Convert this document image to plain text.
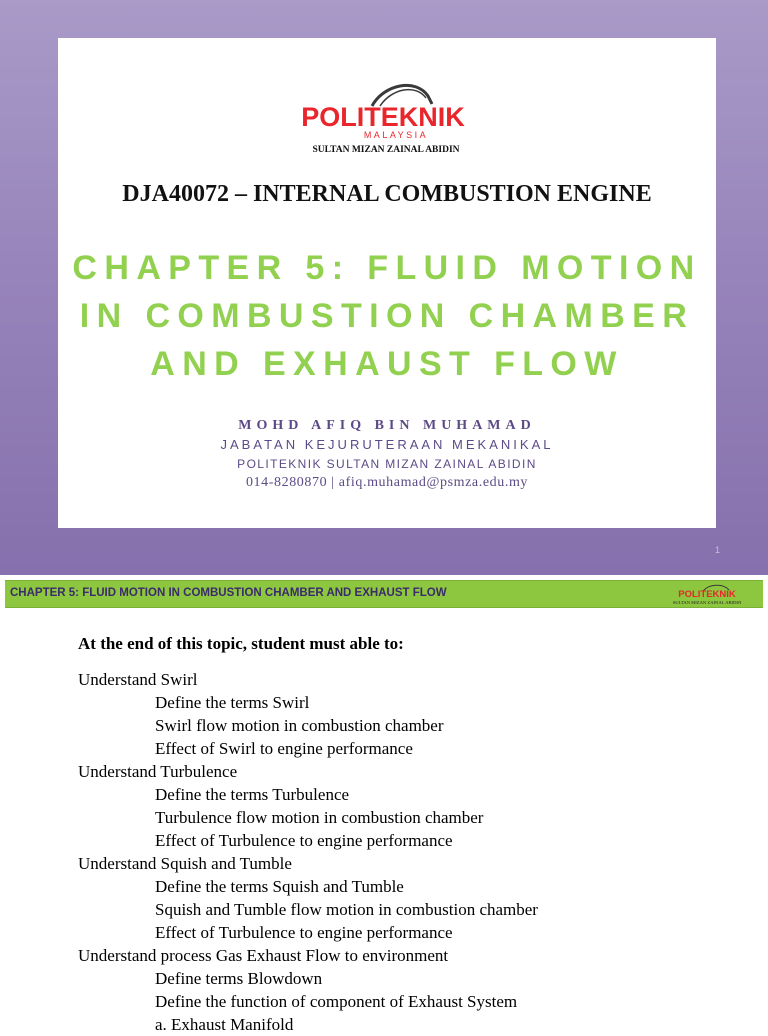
POLITEKNIK
MALAYSIA
SULTAN MIZAN ZAINAL ABIDIN
DJA40072 – INTERNAL COMBUSTION ENGINE
CHAPTER 5: FLUID MOTION IN COMBUSTION CHAMBER AND EXHAUST FLOW
MOHD AFIQ BIN MUHAMAD
JABATAN KEJURUTERAAN MEKANIKAL
POLITEKNIK SULTAN MIZAN ZAINAL ABIDIN
014-8280870 | afiq.muhamad@psmza.edu.my
1
CHAPTER 5: FLUID MOTION IN COMBUSTION CHAMBER AND EXHAUST FLOW	POLITEKNIK
SULTAN MIZAN ZAINAL ABIDIN
At the end of this topic, student must able to:
Understand Swirl
Define the terms Swirl
Swirl flow motion in combustion chamber
Effect of Swirl to engine performance
Understand Turbulence
Define the terms Turbulence
Turbulence flow motion in combustion chamber
Effect of Turbulence to engine performance
Understand Squish and Tumble
Define the terms Squish and Tumble
Squish and Tumble flow motion in combustion chamber
Effect of Turbulence to engine performance
Understand process Gas Exhaust Flow to environment
Define terms Blowdown
Define the function of component of Exhaust System
a. Exhaust Manifold
